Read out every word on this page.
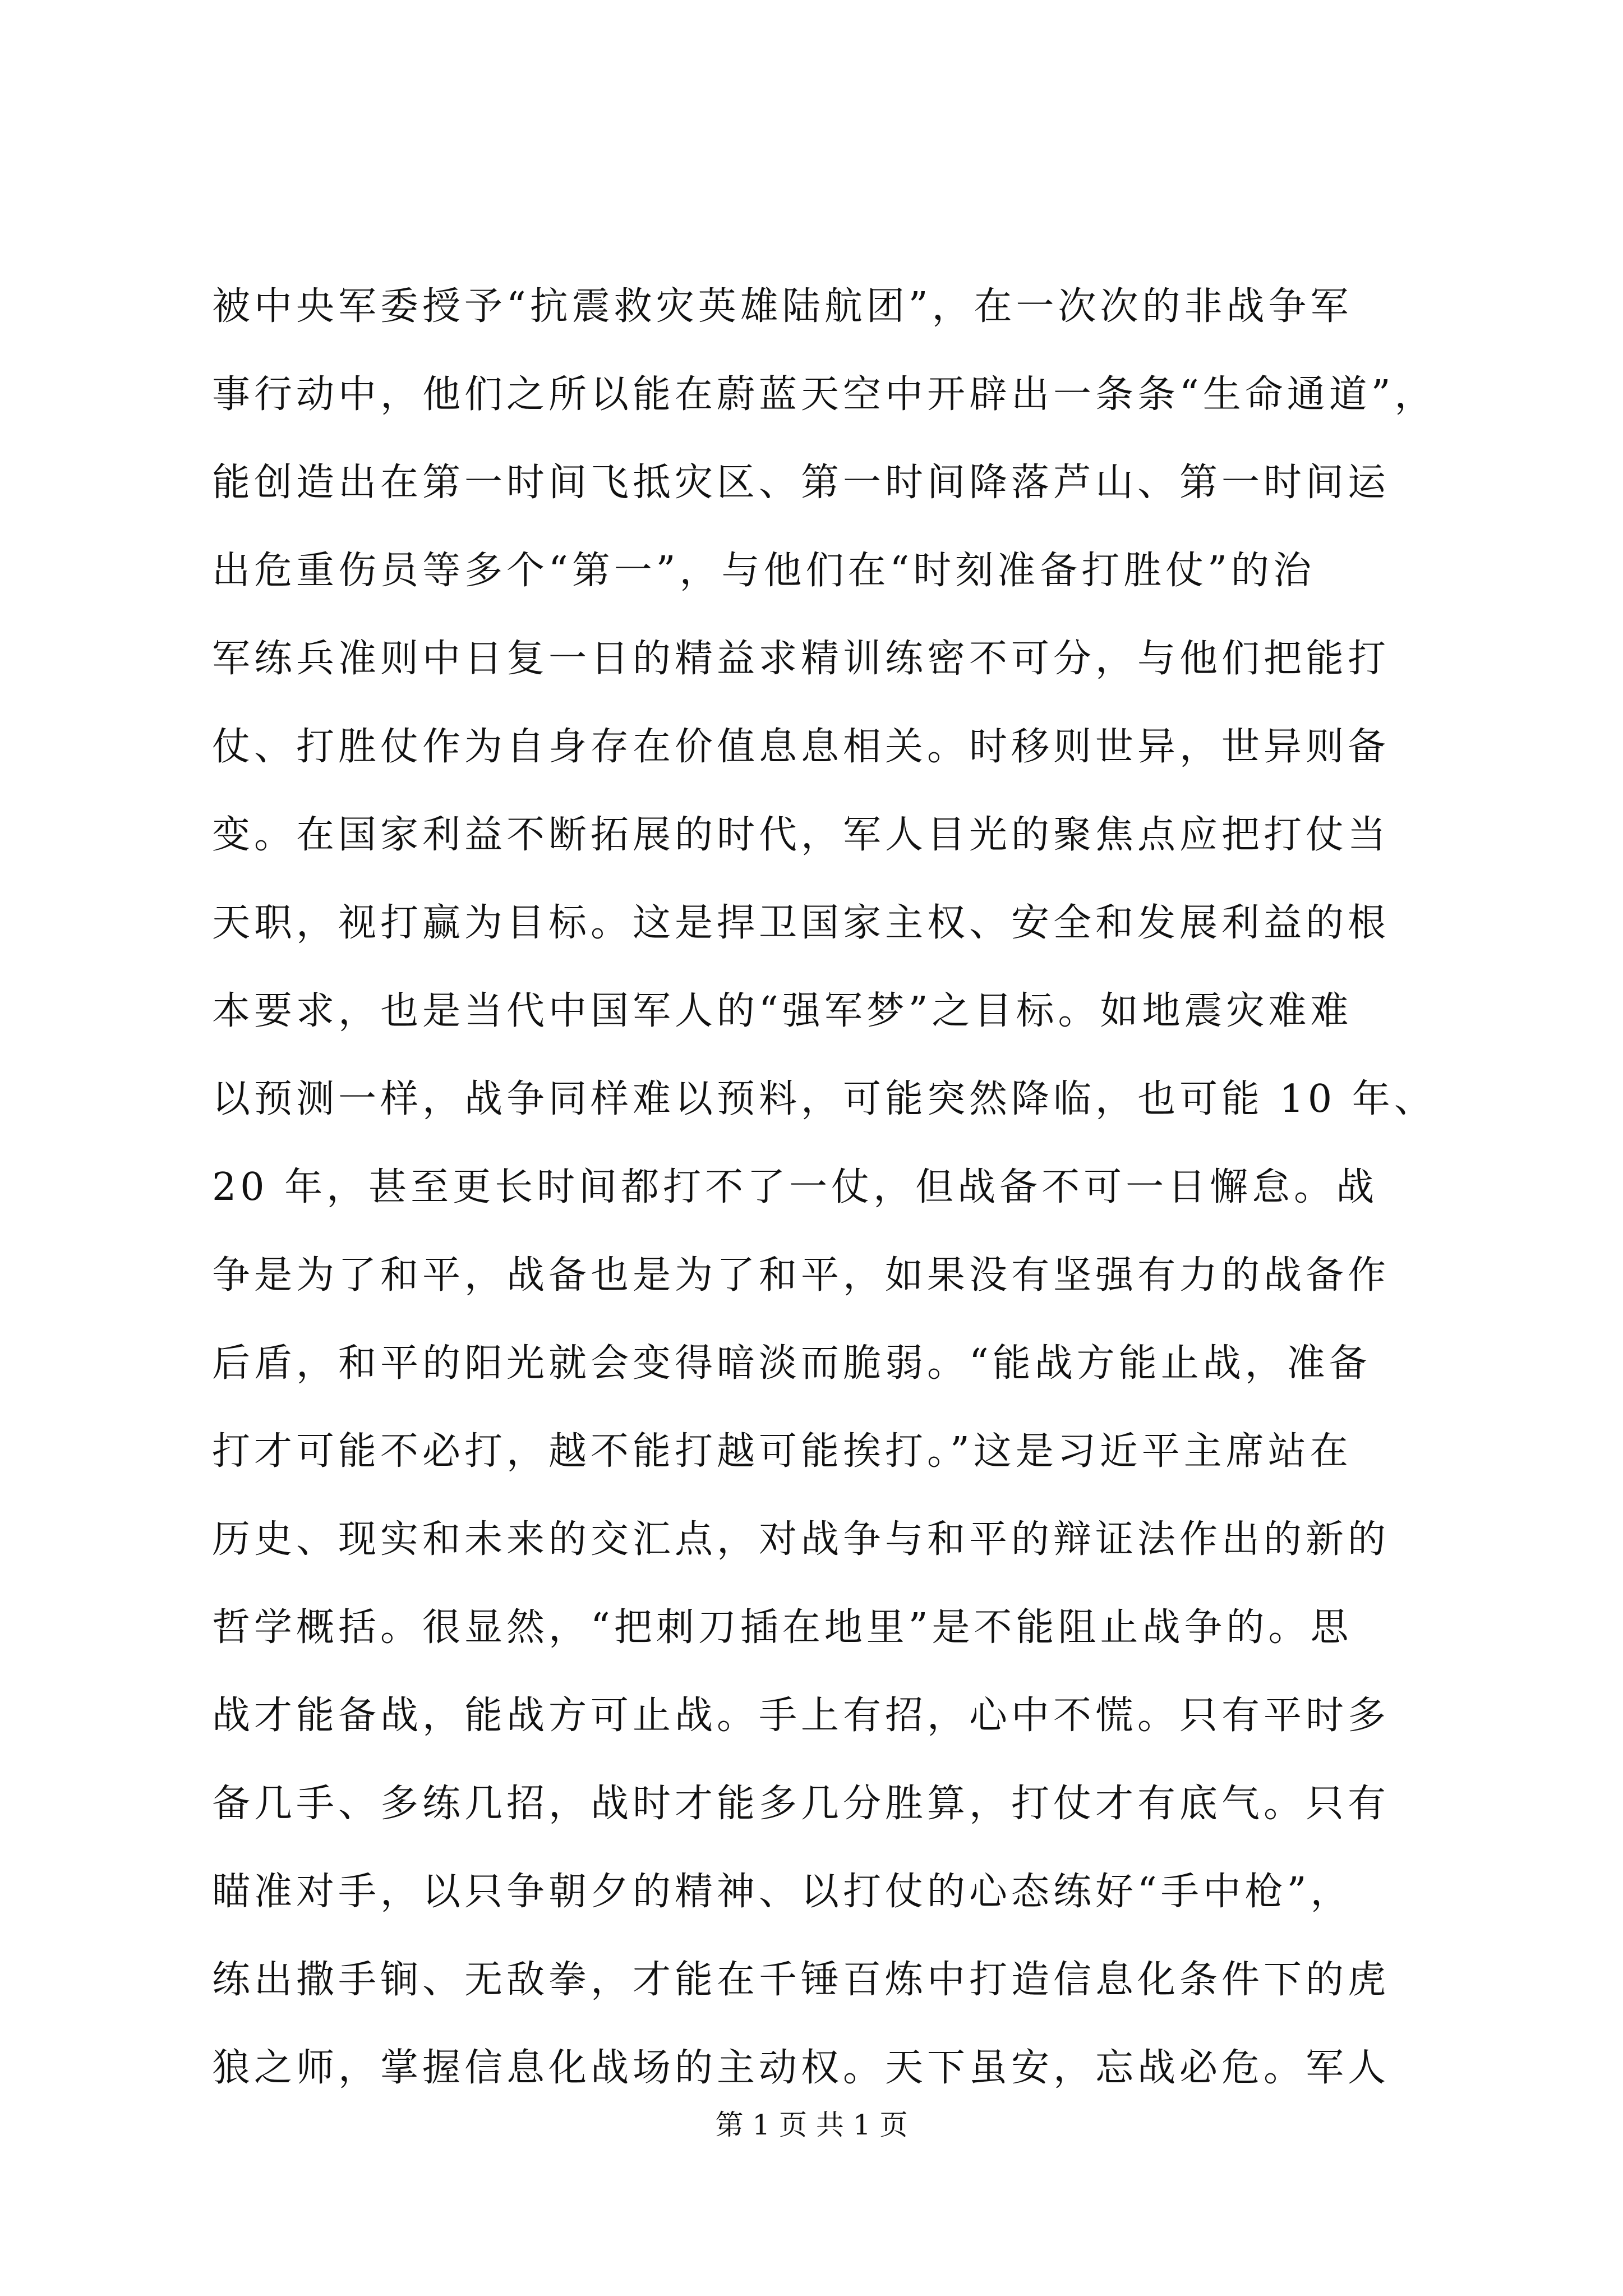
被中央军委授予“抗震救灾英雄陆航团”，在一次次的非战争军
事行动中，他们之所以能在蔚蓝天空中开辟出一条条“生命通道”，
能创造出在第一时间飞抵灾区、第一时间降落芦山、第一时间运
出危重伤员等多个“第一”，与他们在“时刻准备打胜仗”的治
军练兵准则中日复一日的精益求精训练密不可分，与他们把能打
仗、打胜仗作为自身存在价值息息相关。时移则世异，世异则备
变。在国家利益不断拓展的时代，军人目光的聚焦点应把打仗当
天职，视打赢为目标。这是捍卫国家主权、安全和发展利益的根
本要求，也是当代中国军人的“强军梦”之目标。如地震灾难难
以预测一样，战争同样难以预料，可能突然降临，也可能 10 年、
20 年，甚至更长时间都打不了一仗，但战备不可一日懈怠。战
争是为了和平，战备也是为了和平，如果没有坚强有力的战备作
后盾，和平的阳光就会变得暗淡而脆弱。“能战方能止战，准备
打才可能不必打，越不能打越可能挨打。”这是习近平主席站在
历史、现实和未来的交汇点，对战争与和平的辩证法作出的新的
哲学概括。很显然，“把刺刀插在地里”是不能阻止战争的。思
战才能备战，能战方可止战。手上有招，心中不慌。只有平时多
备几手、多练几招，战时才能多几分胜算，打仗才有底气。只有
瞄准对手，以只争朝夕的精神、以打仗的心态练好“手中枪”，
练出撒手锏、无敌拳，才能在千锤百炼中打造信息化条件下的虎
狼之师，掌握信息化战场的主动权。天下虽安，忘战必危。军人
第 1 页 共 1 页
